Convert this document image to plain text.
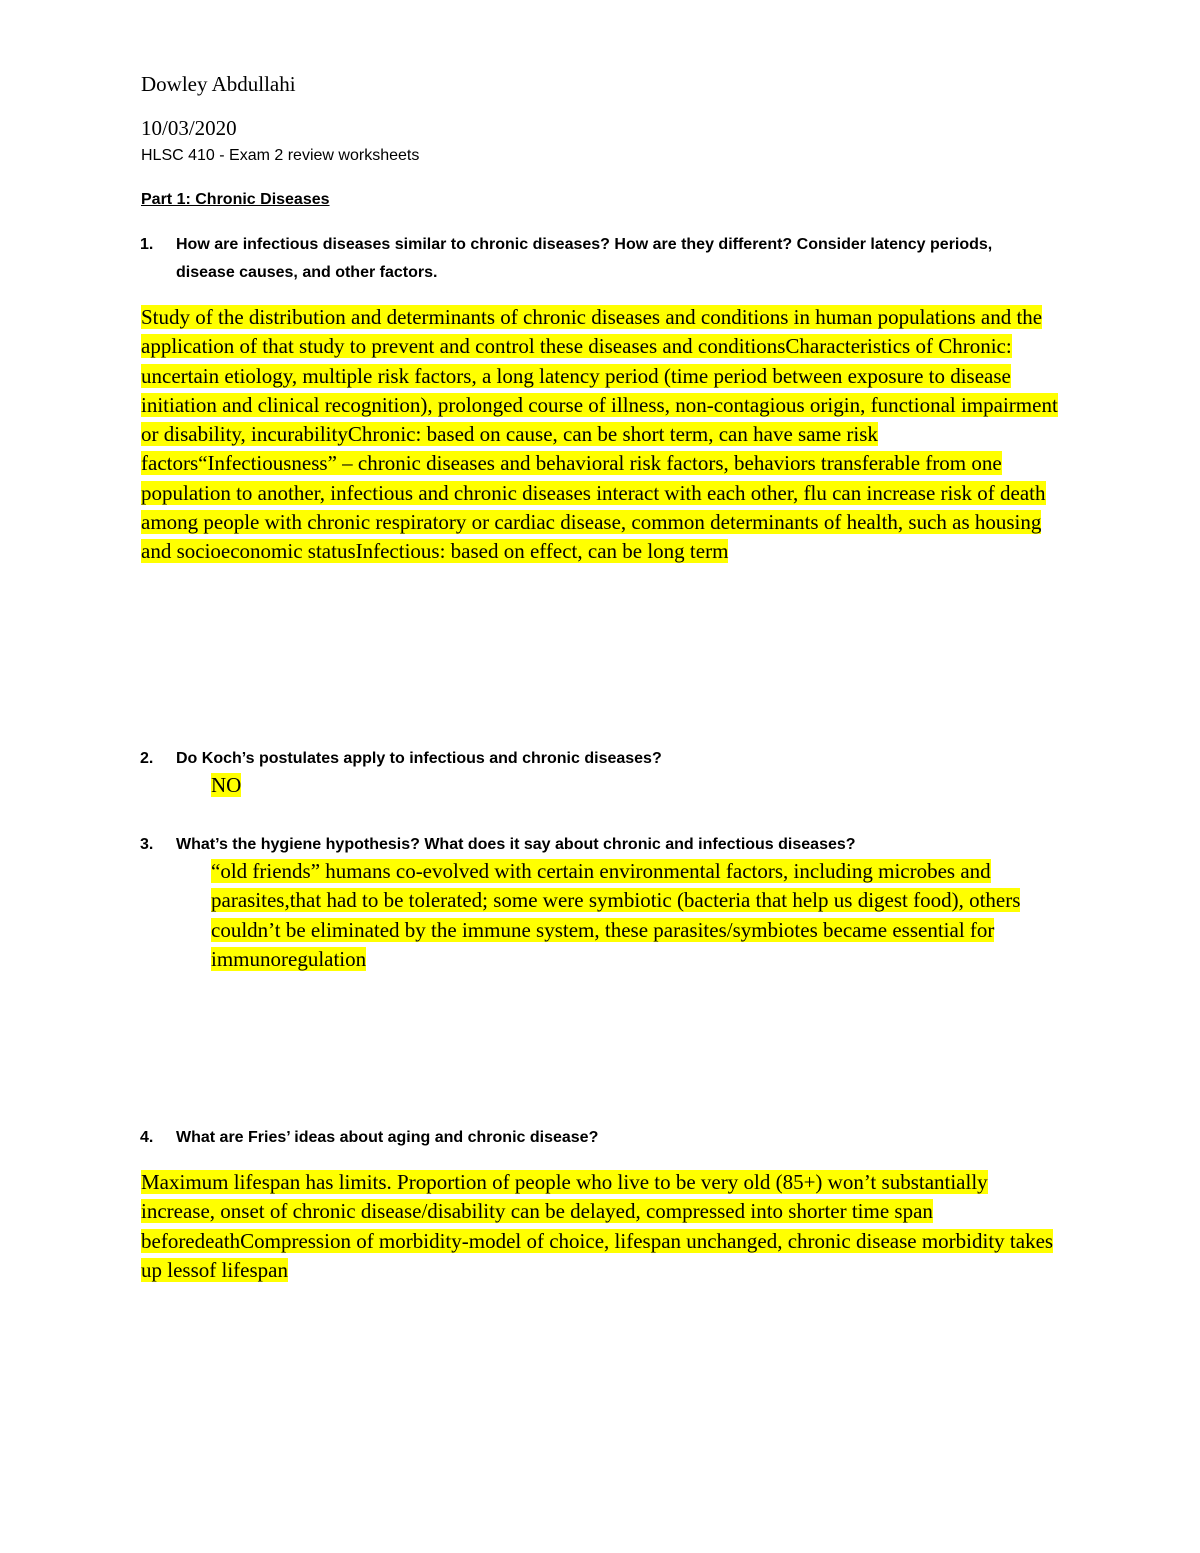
Dowley Abdullahi
10/03/2020
HLSC 410 - Exam 2 review worksheets
Part 1: Chronic Diseases
1. How are infectious diseases similar to chronic diseases? How are they different? Consider latency periods, disease causes, and other factors.
Study of the distribution and determinants of chronic diseases and conditions in human populations and the application of that study to prevent and control these diseases and conditionsCharacteristics of Chronic: uncertain etiology, multiple risk factors, a long latency period (time period between exposure to disease initiation and clinical recognition), prolonged course of illness, non-contagious origin, functional impairment or disability, incurabilityChronic: based on cause, can be short term, can have same risk factors“Infectiousness” – chronic diseases and behavioral risk factors, behaviors transferable from one population to another, infectious and chronic diseases interact with each other, flu can increase risk of death among people with chronic respiratory or cardiac disease, common determinants of health, such as housing and socioeconomic statusInfectious: based on effect, can be long term
2. Do Koch’s postulates apply to infectious and chronic diseases?
NO
3. What’s the hygiene hypothesis? What does it say about chronic and infectious diseases?
“old friends” humans co-evolved with certain environmental factors, including microbes and parasites,that had to be tolerated; some were symbiotic (bacteria that help us digest food), others couldn’t be eliminated by the immune system, these parasites/symbiotes became essential for immunoregulation
4. What are Fries’ ideas about aging and chronic disease?
Maximum lifespan has limits. Proportion of people who live to be very old (85+) won’t substantially increase, onset of chronic disease/disability can be delayed, compressed into shorter time span beforedeathCompression of morbidity-model of choice, lifespan unchanged, chronic disease morbidity takes up lessof lifespan
